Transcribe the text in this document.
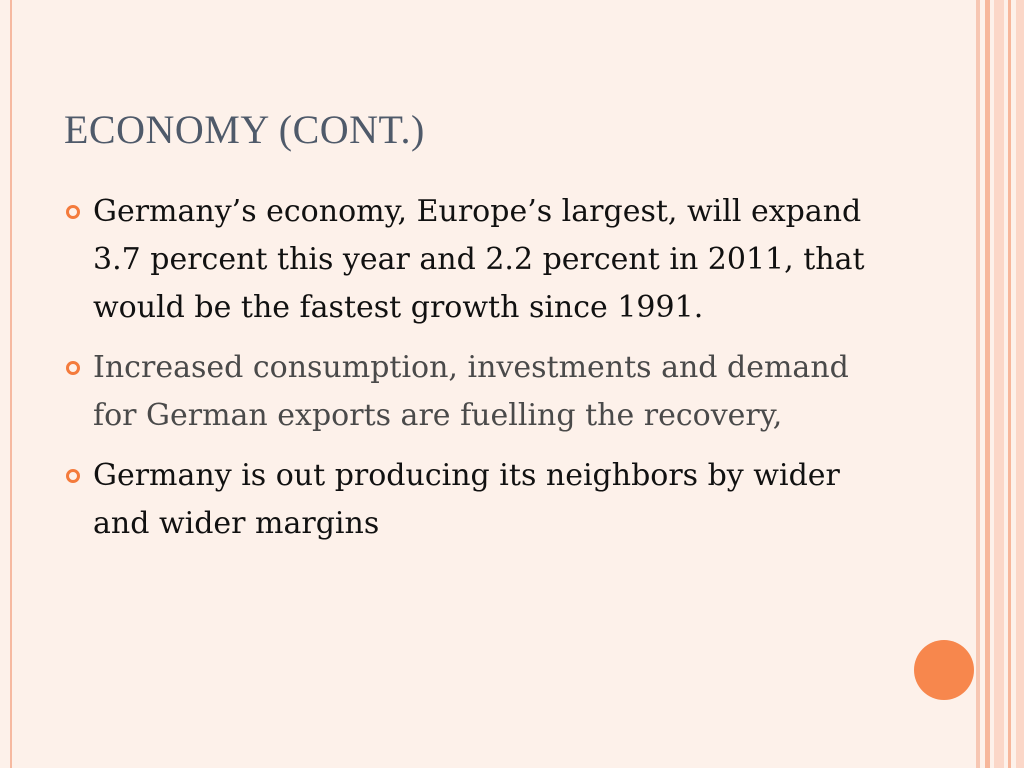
ECONOMY (CONT.)
Germany’s economy, Europe’s largest, will expand 3.7 percent this year and 2.2 percent in 2011, that would be the fastest growth since 1991.
Increased consumption, investments and demand for German exports are fuelling the recovery,
Germany is out producing its neighbors by wider and wider margins
